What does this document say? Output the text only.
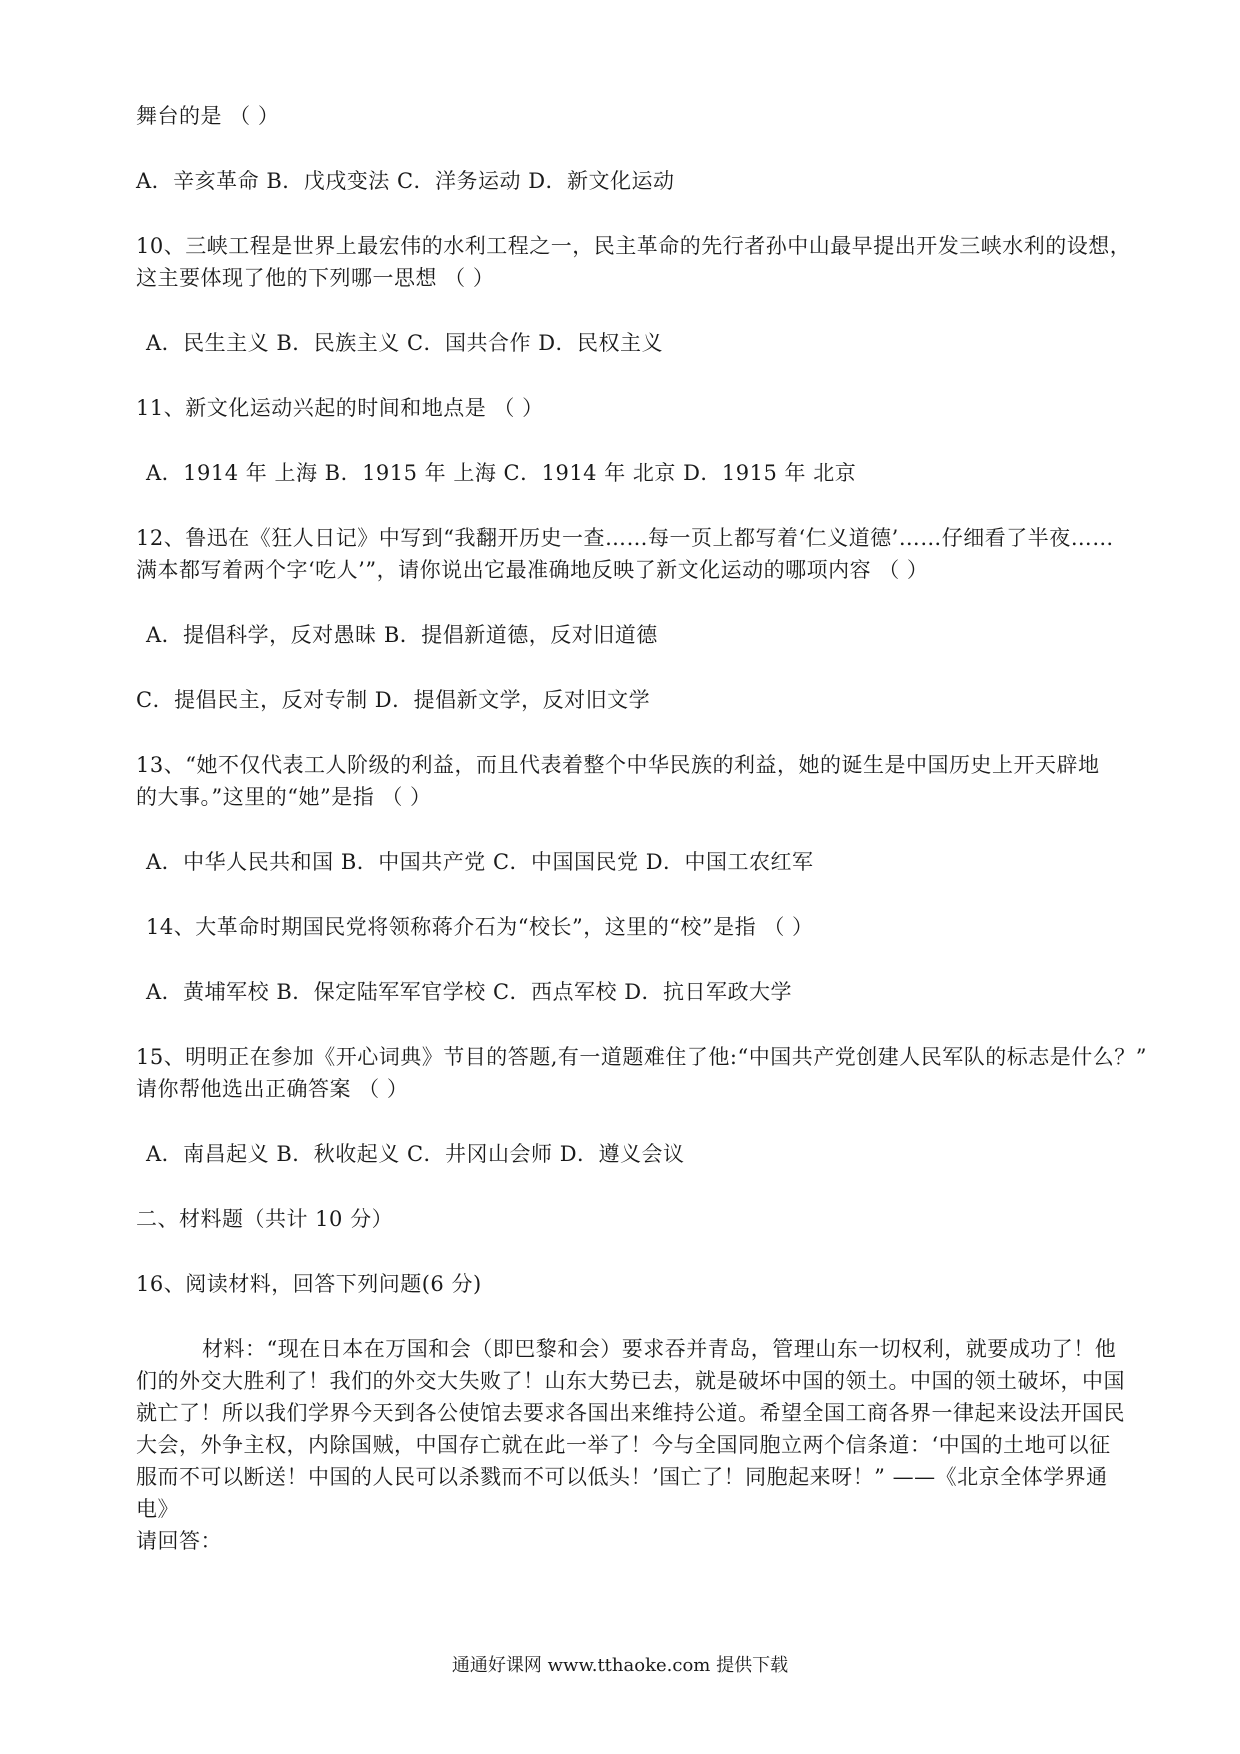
舞台的是 （ ）
A．辛亥革命 B．戊戌变法 C．洋务运动 D．新文化运动
10、三峡工程是世界上最宏伟的水利工程之一，民主革命的先行者孙中山最早提出开发三峡水利的设想，
这主要体现了他的下列哪一思想 （ ）
A．民生主义 B．民族主义 C．国共合作 D．民权主义
11、新文化运动兴起的时间和地点是 （ ）
A．1914 年 上海 B．1915 年 上海 C．1914 年 北京 D．1915 年 北京
12、鲁迅在《狂人日记》中写到“我翻开历史一查……每一页上都写着‘仁义道德’……仔细看了半夜……
满本都写着两个字‘吃人’”，请你说出它最准确地反映了新文化运动的哪项内容 （ ）
A．提倡科学，反对愚昧 B．提倡新道德，反对旧道德
C．提倡民主，反对专制 D．提倡新文学，反对旧文学
13、“她不仅代表工人阶级的利益，而且代表着整个中华民族的利益，她的诞生是中国历史上开天辟地
的大事。”这里的“她”是指 （ ）
A．中华人民共和国 B．中国共产党 C．中国国民党 D．中国工农红军
14、大革命时期国民党将领称蒋介石为“校长”，这里的“校”是指 （ ）
A．黄埔军校 B．保定陆军军官学校 C．西点军校 D．抗日军政大学
15、明明正在参加《开心词典》节目的答题,有一道题难住了他:“中国共产党创建人民军队的标志是什么？”
请你帮他选出正确答案 （ ）
A．南昌起义 B．秋收起义 C．井冈山会师 D．遵义会议
二、材料题（共计 10 分）
16、阅读材料，回答下列问题(6 分)
材料：“现在日本在万国和会（即巴黎和会）要求吞并青岛，管理山东一切权利，就要成功了！他们的外交大胜利了！我们的外交大失败了！山东大势已去，就是破坏中国的领土。中国的领土破坏，中国就亡了！所以我们学界今天到各公使馆去要求各国出来维持公道。希望全国工商各界一律起来设法开国民大会，外争主权，内除国贼，中国存亡就在此一举了！今与全国同胞立两个信条道：‘中国的土地可以征服而不可以断送！中国的人民可以杀戮而不可以低头！’国亡了！同胞起来呀！” ——《北京全体学界通电》
请回答：
通通好课网 www.tthaoke.com 提供下载
